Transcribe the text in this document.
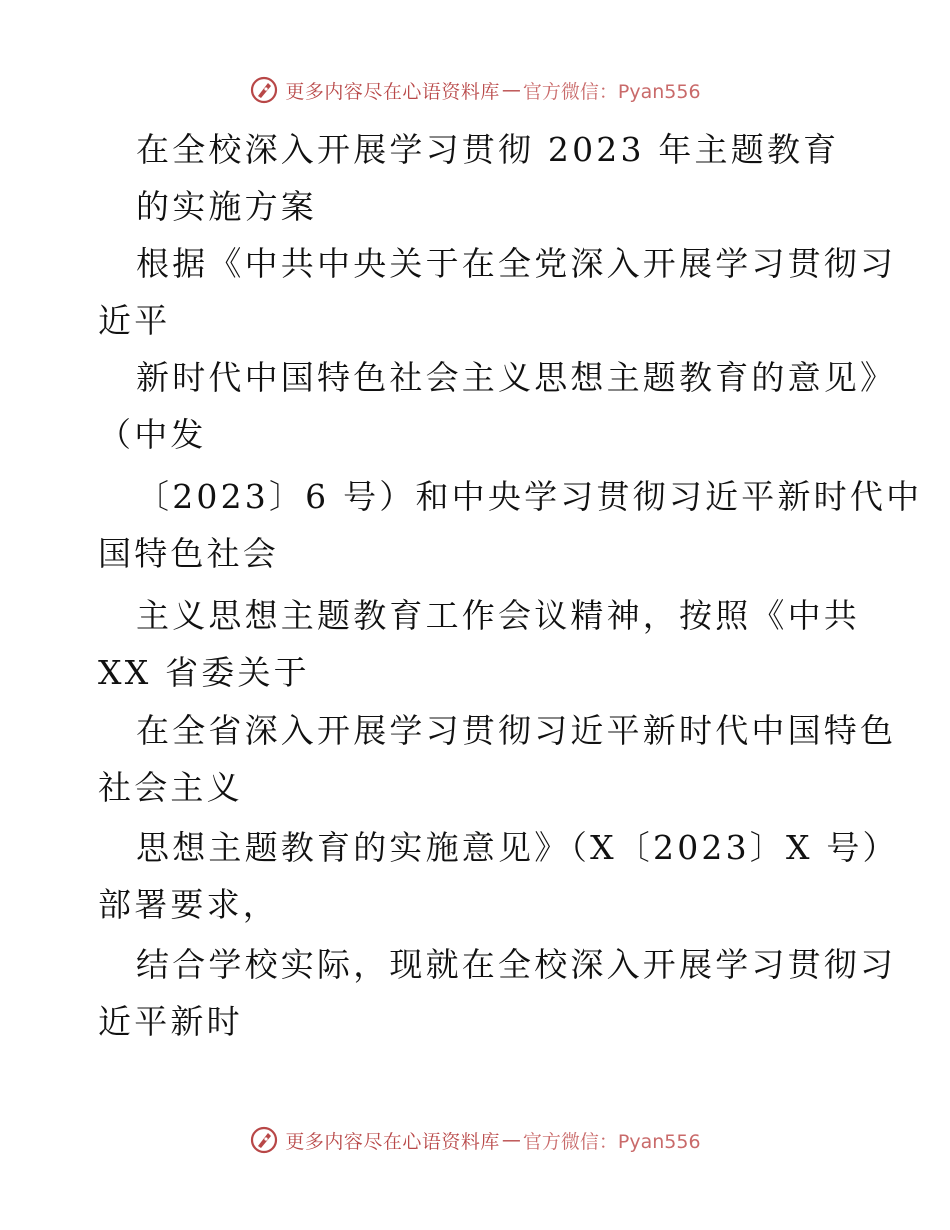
更多内容尽在心语资料库 — 官方微信：Pyan556
在全校深入开展学习贯彻 2023 年主题教育
的实施方案
根据《中共中央关于在全党深入开展学习贯彻习
近平
新时代中国特色社会主义思想主题教育的意见》
（中发
〔2023〕6 号）和中央学习贯彻习近平新时代中
国特色社会
主义思想主题教育工作会议精神，按照《中共
XX 省委关于
在全省深入开展学习贯彻习近平新时代中国特色
社会主义
思想主题教育的实施意见》（X〔2023〕X 号）
部署要求，
结合学校实际，现就在全校深入开展学习贯彻习
近平新时
更多内容尽在心语资料库 — 官方微信：Pyan556
